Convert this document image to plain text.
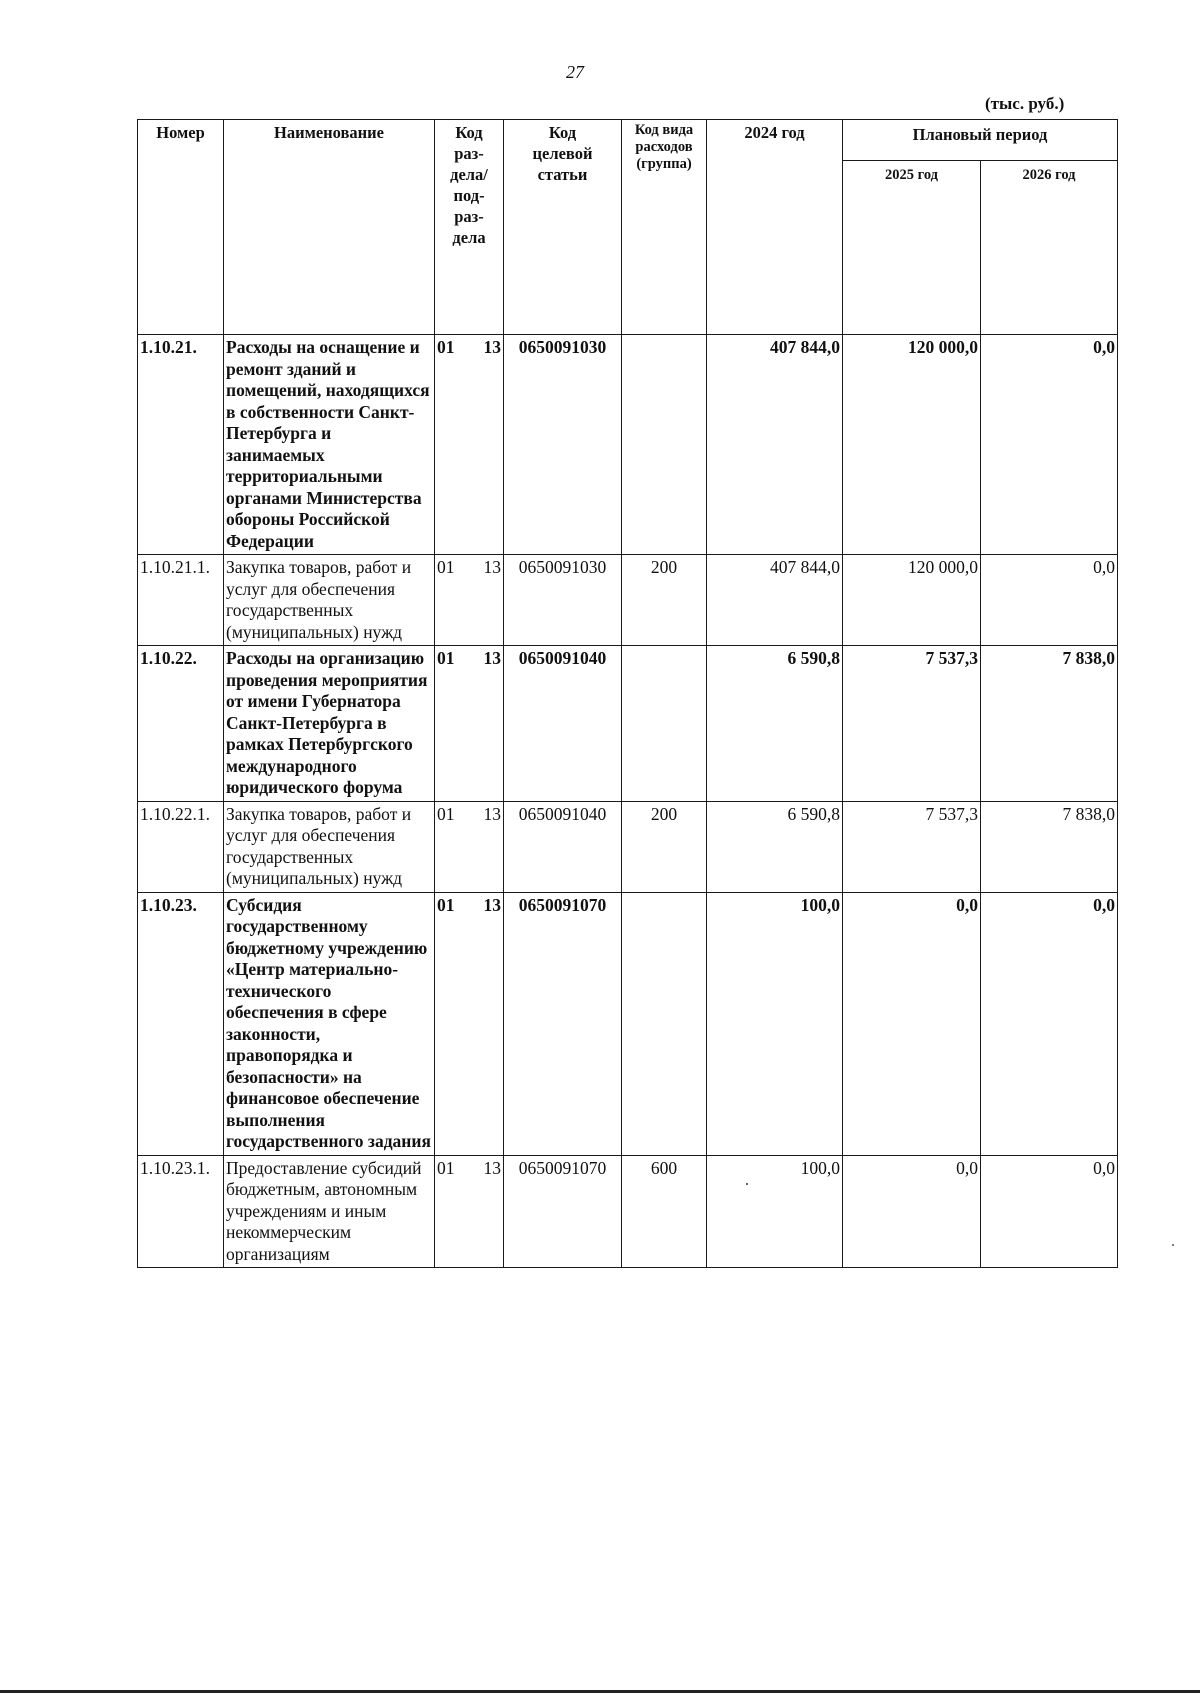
27
(тыс. руб.)
Номер	Наименование	Код раз-дела/ под-раз-дела	Код целевой статьи	Код вида расходов (группа)	2024 год	Плановый период	
						2025 год	2026 год
1.10.21.	Расходы на оснащение и ремонт зданий и помещений, находящихся в собственности Санкт-Петербурга и занимаемых территориальными органами Министерства обороны Российской Федерации	01 13	0650091030		407 844,0	120 000,0	0,0
1.10.21.1.	Закупка товаров, работ и услуг для обеспечения государственных (муниципальных) нужд	01 13	0650091030	200	407 844,0	120 000,0	0,0
1.10.22.	Расходы на организацию проведения мероприятия от имени Губернатора Санкт-Петербурга в рамках Петербургского международного юридического форума	01 13	0650091040		6 590,8	7 537,3	7 838,0
1.10.22.1.	Закупка товаров, работ и услуг для обеспечения государственных (муниципальных) нужд	01 13	0650091040	200	6 590,8	7 537,3	7 838,0
1.10.23.	Субсидия государственному бюджетному учреждению «Центр материально-технического обеспечения в сфере законности, правопорядка и безопасности» на финансовое обеспечение выполнения государственного задания	01 13	0650091070		100,0	0,0	0,0
1.10.23.1.	Предоставление субсидий бюджетным, автономным учреждениям и иным некоммерческим организациям	01 13	0650091070	600	100,0	0,0	0,0
